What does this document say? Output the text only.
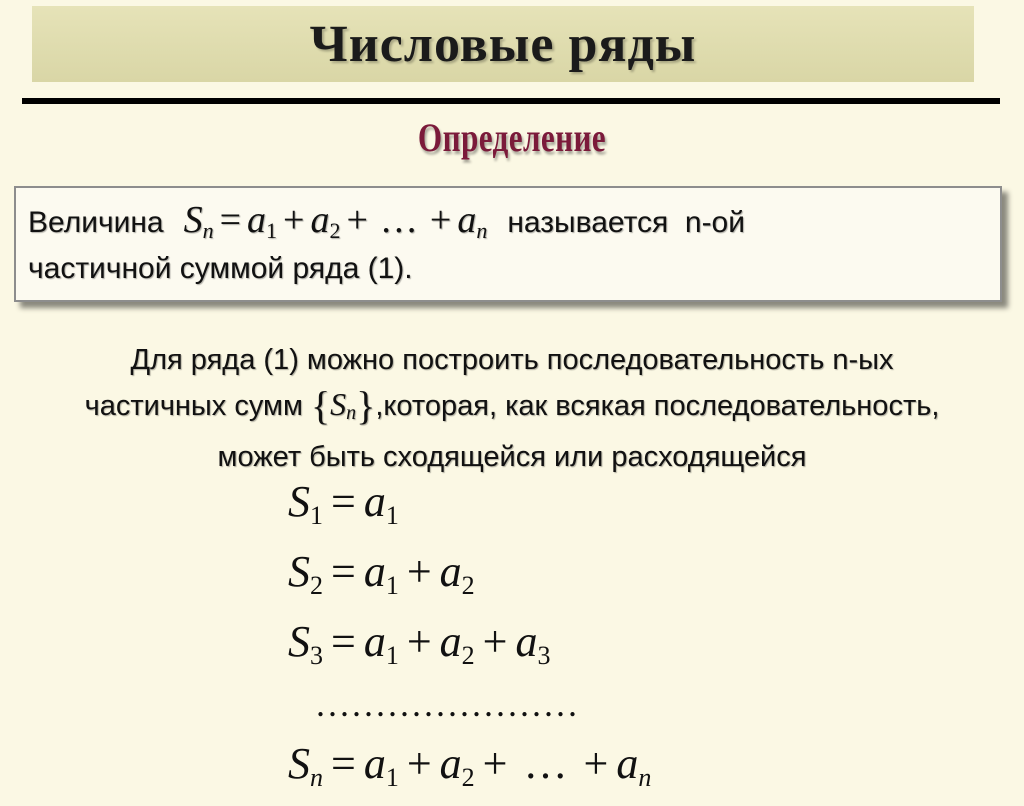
Числовые ряды
Определение
Величина $S_n = a_1 + a_2$ + … + $a_n$ называется  n-ой
частичной суммой ряда (1).
Для ряда (1) можно построить последовательность n-ых
частичных сумм $\{S_n\},которая$, как всякая последовательность,
может быть сходящейся или расходящейся
$S_1 = a_1$
$S_2 = a_1 + a_2$
$S_3 = a_1 + a_2 + a_3$
......................
$S_n = a_1 + a_2$ + … + $a_n$
